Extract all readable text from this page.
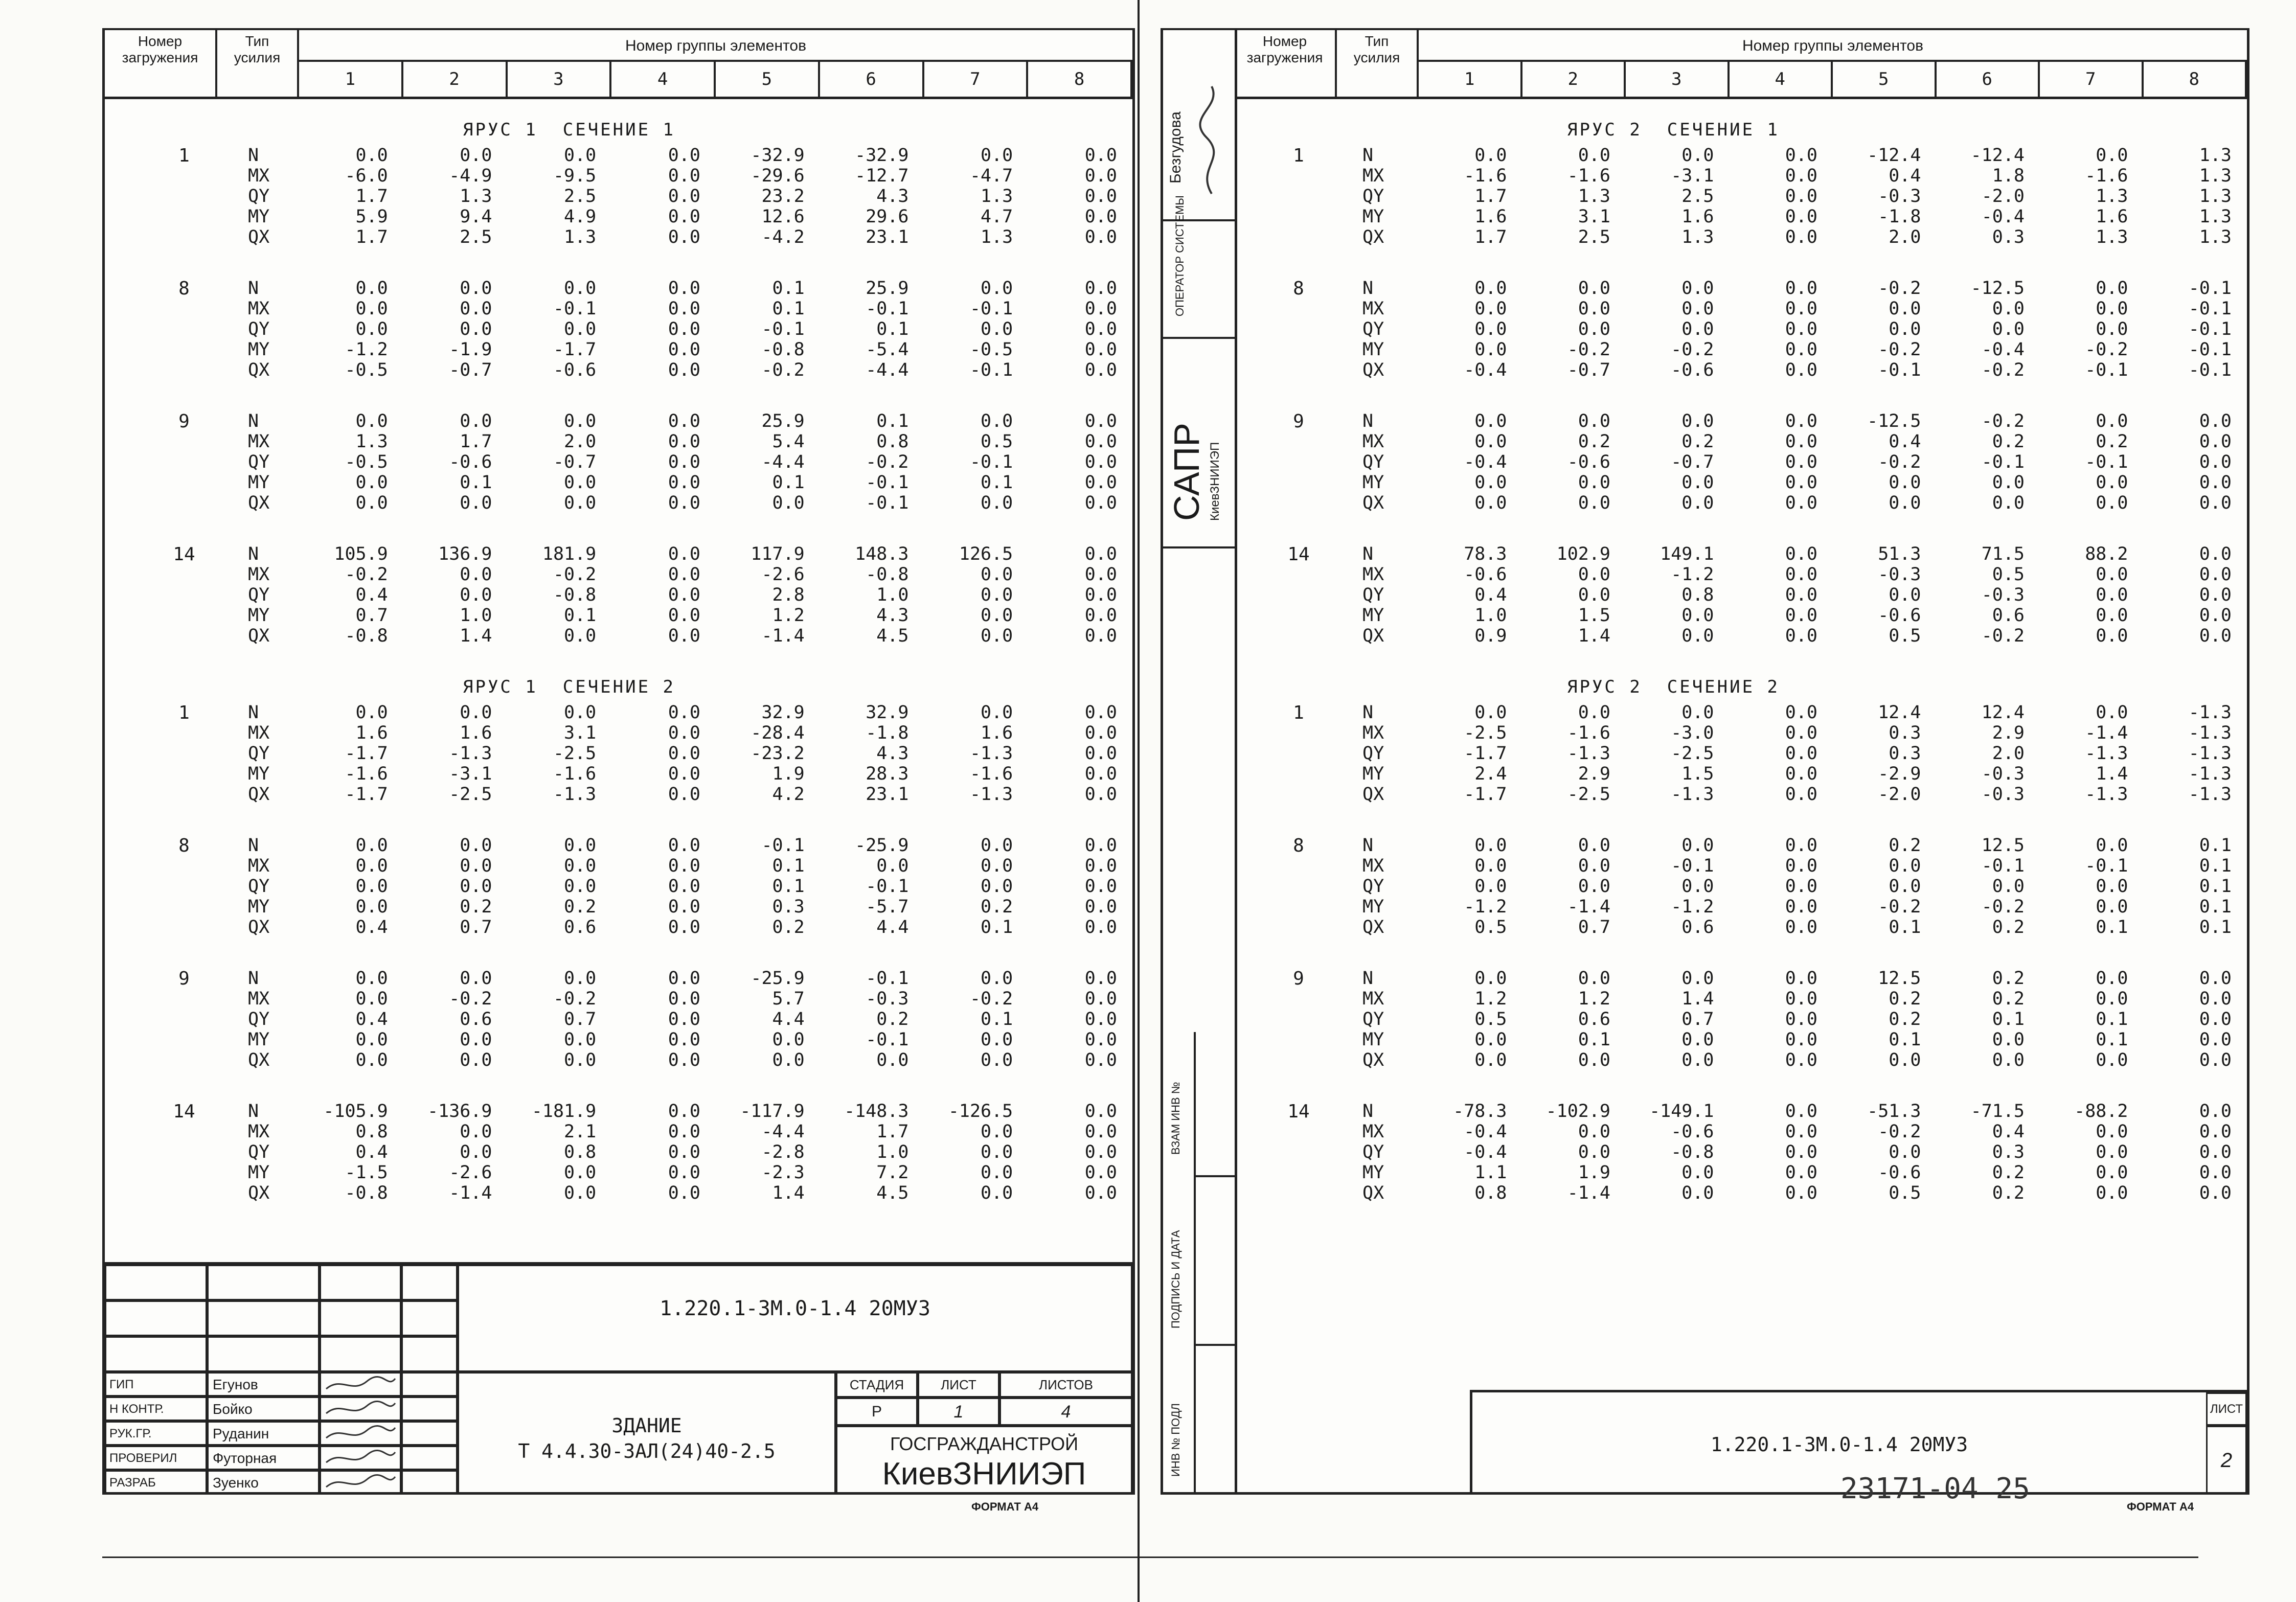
Номер
загружения
Тип
усилия
Номер группы элементов
1	2	3	4	5	6	7	8
ЯРУС 1  СЕЧЕНИЕ 1
1	N	0.0	0.0	0.0	0.0	-32.9	-32.9	0.0	0.0
MX	-6.0	-4.9	-9.5	0.0	-29.6	-12.7	-4.7	0.0
QY	1.7	1.3	2.5	0.0	23.2	4.3	1.3	0.0
MY	5.9	9.4	4.9	0.0	12.6	29.6	4.7	0.0
QX	1.7	2.5	1.3	0.0	-4.2	23.1	1.3	0.0
8	N	0.0	0.0	0.0	0.0	0.1	25.9	0.0	0.0
MX	0.0	0.0	-0.1	0.0	0.1	-0.1	-0.1	0.0
QY	0.0	0.0	0.0	0.0	-0.1	0.1	0.0	0.0
MY	-1.2	-1.9	-1.7	0.0	-0.8	-5.4	-0.5	0.0
QX	-0.5	-0.7	-0.6	0.0	-0.2	-4.4	-0.1	0.0
9	N	0.0	0.0	0.0	0.0	25.9	0.1	0.0	0.0
MX	1.3	1.7	2.0	0.0	5.4	0.8	0.5	0.0
QY	-0.5	-0.6	-0.7	0.0	-4.4	-0.2	-0.1	0.0
MY	0.0	0.1	0.0	0.0	0.1	-0.1	0.1	0.0
QX	0.0	0.0	0.0	0.0	0.0	-0.1	0.0	0.0
14	N	105.9	136.9	181.9	0.0	117.9	148.3	126.5	0.0
MX	-0.2	0.0	-0.2	0.0	-2.6	-0.8	0.0	0.0
QY	0.4	0.0	-0.8	0.0	2.8	1.0	0.0	0.0
MY	0.7	1.0	0.1	0.0	1.2	4.3	0.0	0.0
QX	-0.8	1.4	0.0	0.0	-1.4	4.5	0.0	0.0
ЯРУС 1  СЕЧЕНИЕ 2
1	N	0.0	0.0	0.0	0.0	32.9	32.9	0.0	0.0
MX	1.6	1.6	3.1	0.0	-28.4	-1.8	1.6	0.0
QY	-1.7	-1.3	-2.5	0.0	-23.2	4.3	-1.3	0.0
MY	-1.6	-3.1	-1.6	0.0	1.9	28.3	-1.6	0.0
QX	-1.7	-2.5	-1.3	0.0	4.2	23.1	-1.3	0.0
8	N	0.0	0.0	0.0	0.0	-0.1	-25.9	0.0	0.0
MX	0.0	0.0	0.0	0.0	0.1	0.0	0.0	0.0
QY	0.0	0.0	0.0	0.0	0.1	-0.1	0.0	0.0
MY	0.0	0.2	0.2	0.0	0.3	-5.7	0.2	0.0
QX	0.4	0.7	0.6	0.0	0.2	4.4	0.1	0.0
9	N	0.0	0.0	0.0	0.0	-25.9	-0.1	0.0	0.0
MX	0.0	-0.2	-0.2	0.0	5.7	-0.3	-0.2	0.0
QY	0.4	0.6	0.7	0.0	4.4	0.2	0.1	0.0
MY	0.0	0.0	0.0	0.0	0.0	-0.1	0.0	0.0
QX	0.0	0.0	0.0	0.0	0.0	0.0	0.0	0.0
14	N	-105.9	-136.9	-181.9	0.0	-117.9	-148.3	-126.5	0.0
MX	0.8	0.0	2.1	0.0	-4.4	1.7	0.0	0.0
QY	0.4	0.0	0.8	0.0	-2.8	1.0	0.0	0.0
MY	-1.5	-2.6	0.0	0.0	-2.3	7.2	0.0	0.0
QX	-0.8	-1.4	0.0	0.0	1.4	4.5	0.0	0.0
1.220.1-3М.0-1.4 20МУ3
ГИП	Егунов
Н КОНТР.	Бойко
РУК.ГР.	Руданин
ПРОВЕРИЛ	Футорная
РАЗРАБ	Зуенко
ЗДАНИЕ
Т 4.4.30-3АЛ(24)40-2.5
СТАДИЯ	ЛИСТ	ЛИСТОВ
Р	1	4
ГОСГРАЖДАНСТРОЙ
КиевЗНИИЭП
ФОРМАТ А4
Безгудова
ОПЕРАТОР СИСТЕМЫ
САПР КиевЗНИИЭП
ВЗАМ ИНВ №
ПОДПИСЬ И ДАТА
ИНВ № ПОДЛ
Номер
загружения
Тип
усилия
Номер группы элементов
1	2	3	4	5	6	7	8
ЯРУС 2  СЕЧЕНИЕ 1
1	N	0.0	0.0	0.0	0.0	-12.4	-12.4	0.0	1.3
MX	-1.6	-1.6	-3.1	0.0	0.4	1.8	-1.6	1.3
QY	1.7	1.3	2.5	0.0	-0.3	-2.0	1.3	1.3
MY	1.6	3.1	1.6	0.0	-1.8	-0.4	1.6	1.3
QX	1.7	2.5	1.3	0.0	2.0	0.3	1.3	1.3
8	N	0.0	0.0	0.0	0.0	-0.2	-12.5	0.0	-0.1
MX	0.0	0.0	0.0	0.0	0.0	0.0	0.0	-0.1
QY	0.0	0.0	0.0	0.0	0.0	0.0	0.0	-0.1
MY	0.0	-0.2	-0.2	0.0	-0.2	-0.4	-0.2	-0.1
QX	-0.4	-0.7	-0.6	0.0	-0.1	-0.2	-0.1	-0.1
9	N	0.0	0.0	0.0	0.0	-12.5	-0.2	0.0	0.0
MX	0.0	0.2	0.2	0.0	0.4	0.2	0.2	0.0
QY	-0.4	-0.6	-0.7	0.0	-0.2	-0.1	-0.1	0.0
MY	0.0	0.0	0.0	0.0	0.0	0.0	0.0	0.0
QX	0.0	0.0	0.0	0.0	0.0	0.0	0.0	0.0
14	N	78.3	102.9	149.1	0.0	51.3	71.5	88.2	0.0
MX	-0.6	0.0	-1.2	0.0	-0.3	0.5	0.0	0.0
QY	0.4	0.0	0.8	0.0	0.0	-0.3	0.0	0.0
MY	1.0	1.5	0.0	0.0	-0.6	0.6	0.0	0.0
QX	0.9	1.4	0.0	0.0	0.5	-0.2	0.0	0.0
ЯРУС 2  СЕЧЕНИЕ 2
1	N	0.0	0.0	0.0	0.0	12.4	12.4	0.0	-1.3
MX	-2.5	-1.6	-3.0	0.0	0.3	2.9	-1.4	-1.3
QY	-1.7	-1.3	-2.5	0.0	0.3	2.0	-1.3	-1.3
MY	2.4	2.9	1.5	0.0	-2.9	-0.3	1.4	-1.3
QX	-1.7	-2.5	-1.3	0.0	-2.0	-0.3	-1.3	-1.3
8	N	0.0	0.0	0.0	0.0	0.2	12.5	0.0	0.1
MX	0.0	0.0	-0.1	0.0	0.0	-0.1	-0.1	0.1
QY	0.0	0.0	0.0	0.0	0.0	0.0	0.0	0.1
MY	-1.2	-1.4	-1.2	0.0	-0.2	-0.2	0.0	0.1
QX	0.5	0.7	0.6	0.0	0.1	0.2	0.1	0.1
9	N	0.0	0.0	0.0	0.0	12.5	0.2	0.0	0.0
MX	1.2	1.2	1.4	0.0	0.2	0.2	0.0	0.0
QY	0.5	0.6	0.7	0.0	0.2	0.1	0.1	0.0
MY	0.0	0.1	0.0	0.0	0.1	0.0	0.1	0.0
QX	0.0	0.0	0.0	0.0	0.0	0.0	0.0	0.0
14	N	-78.3	-102.9	-149.1	0.0	-51.3	-71.5	-88.2	0.0
MX	-0.4	0.0	-0.6	0.0	-0.2	0.4	0.0	0.0
QY	-0.4	0.0	-0.8	0.0	0.0	0.3	0.0	0.0
MY	1.1	1.9	0.0	0.0	-0.6	0.2	0.0	0.0
QX	0.8	-1.4	0.0	0.0	0.5	0.2	0.0	0.0
1.220.1-3М.0-1.4 20МУ3
ЛИСТ
2
23171-04 25
ФОРМАТ А4
